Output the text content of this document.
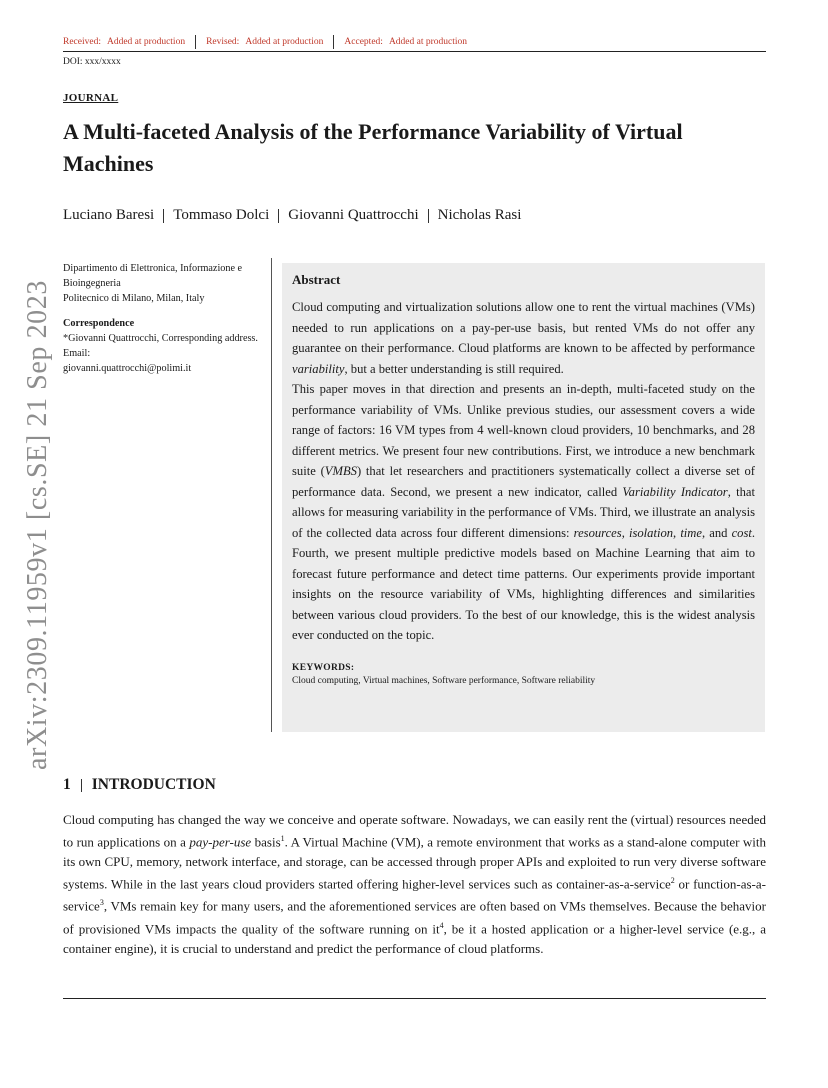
Received: Added at production Revised: Added at production Accepted: Added at production
DOI: xxx/xxxx
JOURNAL
A Multi-faceted Analysis of the Performance Variability of Virtual Machines
Luciano Baresi Tommaso Dolci Giovanni Quattrocchi Nicholas Rasi
Dipartimento di Elettronica, Informazione e Bioingegneria
Politecnico di Milano, Milan, Italy
Correspondence
*Giovanni Quattrocchi, Corresponding address. Email:
giovanni.quattrocchi@polimi.it
Abstract

Cloud computing and virtualization solutions allow one to rent the virtual machines (VMs) needed to run applications on a pay-per-use basis, but rented VMs do not offer any guarantee on their performance. Cloud platforms are known to be affected by performance variability, but a better understanding is still required.

This paper moves in that direction and presents an in-depth, multi-faceted study on the performance variability of VMs. Unlike previous studies, our assessment covers a wide range of factors: 16 VM types from 4 well-known cloud providers, 10 benchmarks, and 28 different metrics. We present four new contributions. First, we introduce a new benchmark suite (VMBS) that let researchers and practitioners systematically collect a diverse set of performance data. Second, we present a new indicator, called Variability Indicator, that allows for measuring variability in the performance of VMs. Third, we illustrate an analysis of the collected data across four different dimensions: resources, isolation, time, and cost. Fourth, we present multiple predictive models based on Machine Learning that aim to forecast future performance and detect time patterns. Our experiments provide important insights on the resource variability of VMs, highlighting differences and similarities between various cloud providers. To the best of our knowledge, this is the widest analysis ever conducted on the topic.

KEYWORDS:
Cloud computing, Virtual machines, Software performance, Software reliability
arXiv:2309.11959v1 [cs.SE] 21 Sep 2023
1 INTRODUCTION
Cloud computing has changed the way we conceive and operate software. Nowadays, we can easily rent the (virtual) resources needed to run applications on a pay-per-use basis$^1$. A Virtual Machine (VM), a remote environment that works as a stand-alone computer with its own CPU, memory, network interface, and storage, can be accessed through proper APIs and exploited to run very diverse software systems. While in the last years cloud providers started offering higher-level services such as container-as-a-service$^2$ or function-as-a-service$^3$, VMs remain key for many users, and the aforementioned services are often based on VMs themselves. Because the behavior of provisioned VMs impacts the quality of the software running on $it^4$, be it a hosted application or a higher-level service (e.g., a container engine), it is crucial to understand and predict the performance of cloud platforms.
